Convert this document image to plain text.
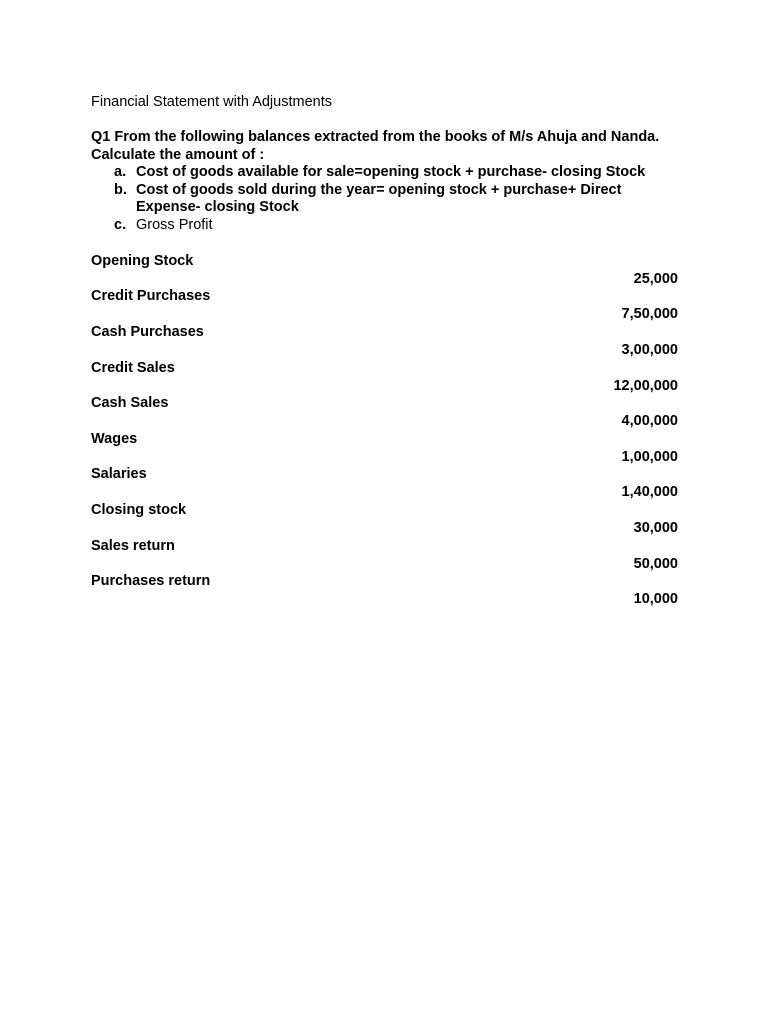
Financial Statement with Adjustments

Q1 From the following balances extracted from the books of M/s Ahuja and Nanda. Calculate the amount of :

a. Cost of goods available for sale=opening stock + purchase- closing Stock
b. Cost of goods sold during the year= opening stock + purchase+ Direct Expense- closing Stock
c. Gross Profit
Opening Stock
25,000
Credit Purchases
7,50,000
Cash Purchases
3,00,000
Credit Sales
12,00,000
Cash Sales
4,00,000
Wages
1,00,000
Salaries
1,40,000
Closing stock
30,000
Sales return
50,000
Purchases return
10,000
